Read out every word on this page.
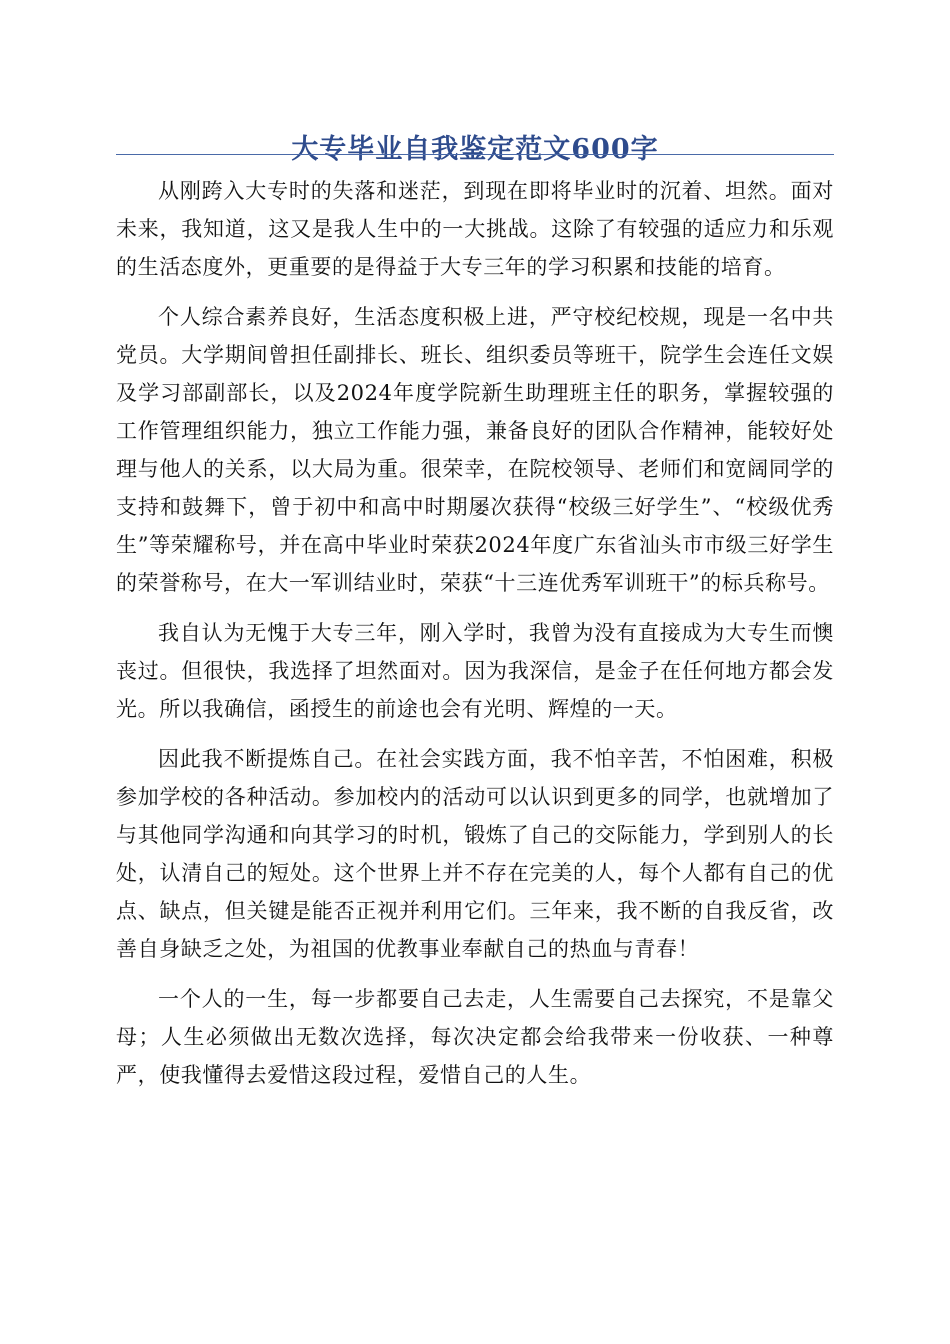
大专毕业自我鉴定范文600字

从刚跨入大专时的失落和迷茫，到现在即将毕业时的沉着、坦然。面对未来，我知道，这又是我人生中的一大挑战。这除了有较强的适应力和乐观的生活态度外，更重要的是得益于大专三年的学习积累和技能的培育。

个人综合素养良好，生活态度积极上进，严守校纪校规，现是一名中共党员。大学期间曾担任副排长、班长、组织委员等班干，院学生会连任文娱及学习部副部长，以及2024年度学院新生助理班主任的职务，掌握较强的工作管理组织能力，独立工作能力强，兼备良好的团队合作精神，能较好处理与他人的关系，以大局为重。很荣幸，在院校领导、老师们和宽阔同学的支持和鼓舞下，曾于初中和高中时期屡次获得“校级三好学生”、“校级优秀生”等荣耀称号，并在高中毕业时荣获2024年度广东省汕头市市级三好学生的荣誉称号，在大一军训结业时，荣获“十三连优秀军训班干”的标兵称号。

我自认为无愧于大专三年，刚入学时，我曾为没有直接成为大专生而懊丧过。但很快，我选择了坦然面对。因为我深信，是金子在任何地方都会发光。所以我确信，函授生的前途也会有光明、辉煌的一天。

因此我不断提炼自己。在社会实践方面，我不怕辛苦，不怕困难，积极参加学校的各种活动。参加校内的活动可以认识到更多的同学，也就增加了与其他同学沟通和向其学习的时机，锻炼了自己的交际能力，学到别人的长处，认清自己的短处。这个世界上并不存在完美的人，每个人都有自己的优点、缺点，但关键是能否正视并利用它们。三年来，我不断的自我反省，改善自身缺乏之处，为祖国的优教事业奉献自己的热血与青春！

一个人的一生，每一步都要自己去走，人生需要自己去探究，不是靠父母；人生必须做出无数次选择，每次决定都会给我带来一份收获、一种尊严，使我懂得去爱惜这段过程，爱惜自己的人生。
